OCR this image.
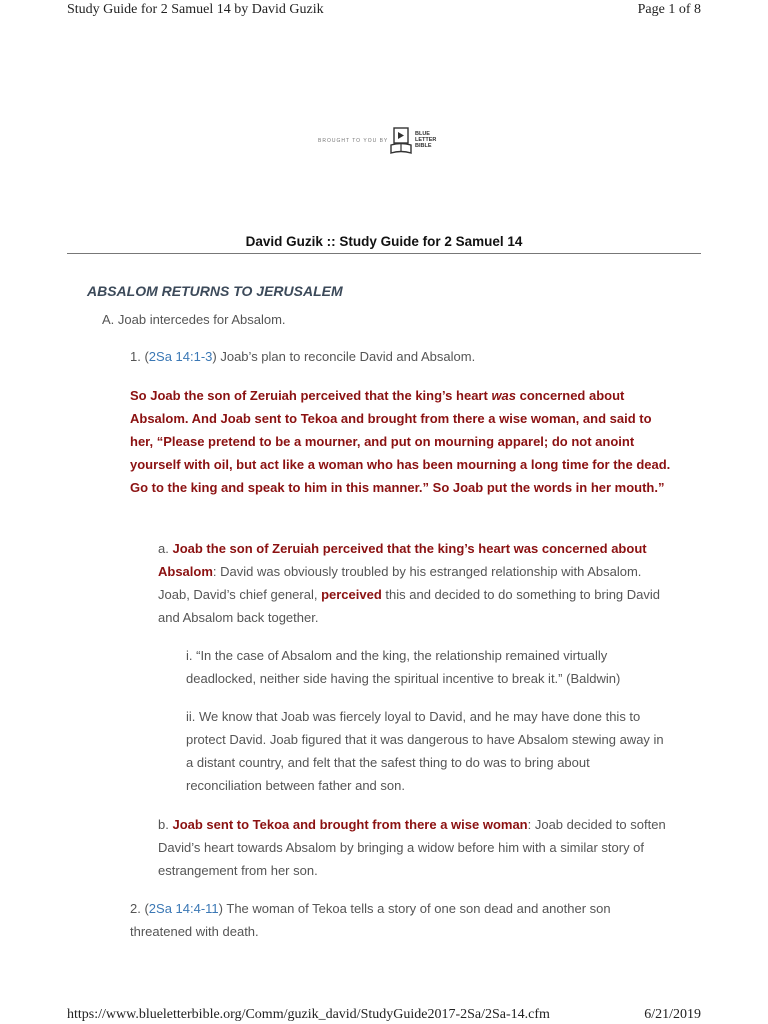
Study Guide for 2 Samuel 14 by David Guzik	Page 1 of 8
BROUGHT TO YOU BY
BLUE
LETTER
BIBLE
David Guzik :: Study Guide for 2 Samuel 14
ABSALOM RETURNS TO JERUSALEM
A. Joab intercedes for Absalom.
1. (2Sa 14:1-3) Joab’s plan to reconcile David and Absalom.
So Joab the son of Zeruiah perceived that the king’s heart was concerned about Absalom. And Joab sent to Tekoa and brought from there a wise woman, and said to her, “Please pretend to be a mourner, and put on mourning apparel; do not anoint yourself with oil, but act like a woman who has been mourning a long time for the dead. Go to the king and speak to him in this manner.” So Joab put the words in her mouth.”
a. Joab the son of Zeruiah perceived that the king’s heart was concerned about Absalom: David was obviously troubled by his estranged relationship with Absalom. Joab, David’s chief general, perceived this and decided to do something to bring David and Absalom back together.
i. “In the case of Absalom and the king, the relationship remained virtually deadlocked, neither side having the spiritual incentive to break it.” (Baldwin)
ii. We know that Joab was fiercely loyal to David, and he may have done this to protect David. Joab figured that it was dangerous to have Absalom stewing away in a distant country, and felt that the safest thing to do was to bring about reconciliation between father and son.
b. Joab sent to Tekoa and brought from there a wise woman: Joab decided to soften David’s heart towards Absalom by bringing a widow before him with a similar story of estrangement from her son.
2. (2Sa 14:4-11) The woman of Tekoa tells a story of one son dead and another son threatened with death.
https://www.blueletterbible.org/Comm/guzik_david/StudyGuide2017-2Sa/2Sa-14.cfm	6/21/2019
